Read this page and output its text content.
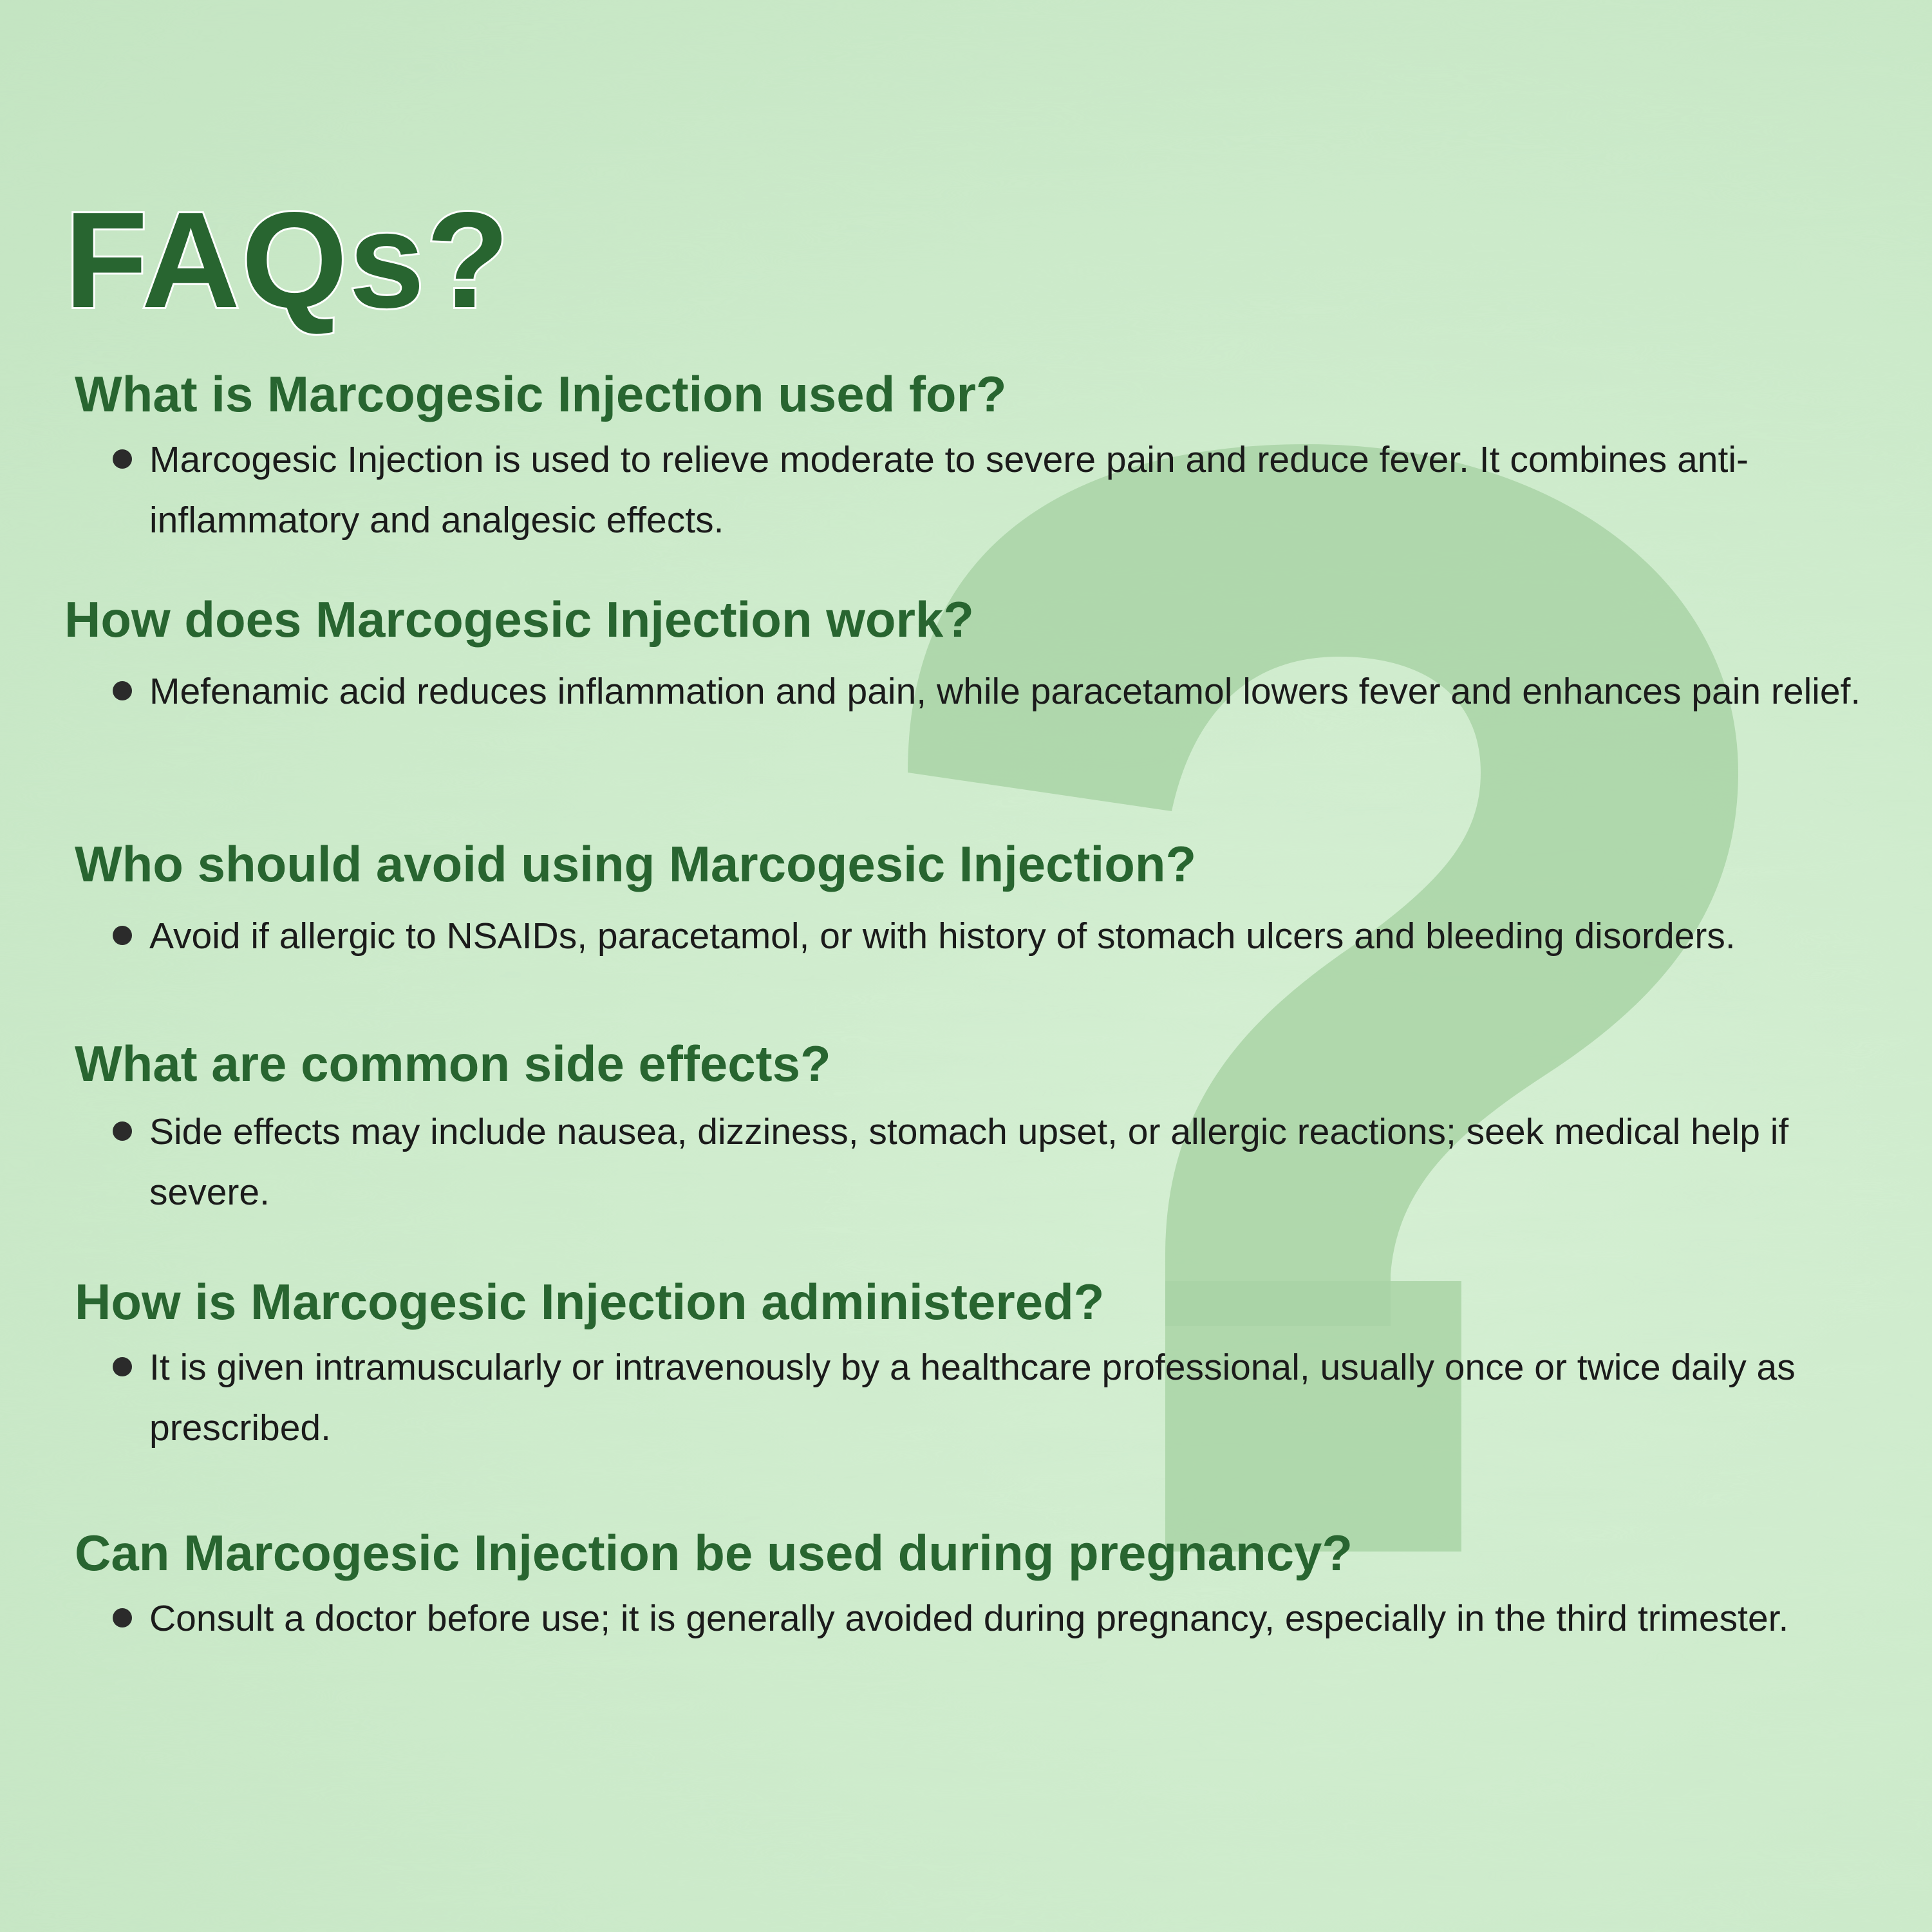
FAQs?
What is Marcogesic Injection used for?

Marcogesic Injection is used to relieve moderate to severe pain and reduce fever. It combines anti-inflammatory and analgesic effects.

How does Marcogesic Injection work?

Mefenamic acid reduces inflammation and pain, while paracetamol lowers fever and enhances pain relief.

Who should avoid using Marcogesic Injection?

Avoid if allergic to NSAIDs, paracetamol, or with history of stomach ulcers and bleeding disorders.

What are common side effects?

Side effects may include nausea, dizziness, stomach upset, or allergic reactions; seek medical help if severe.

How is Marcogesic Injection administered?

It is given intramuscularly or intravenously by a healthcare professional, usually once or twice daily as prescribed.

Can Marcogesic Injection be used during pregnancy?

Consult a doctor before use; it is generally avoided during pregnancy, especially in the third trimester.
